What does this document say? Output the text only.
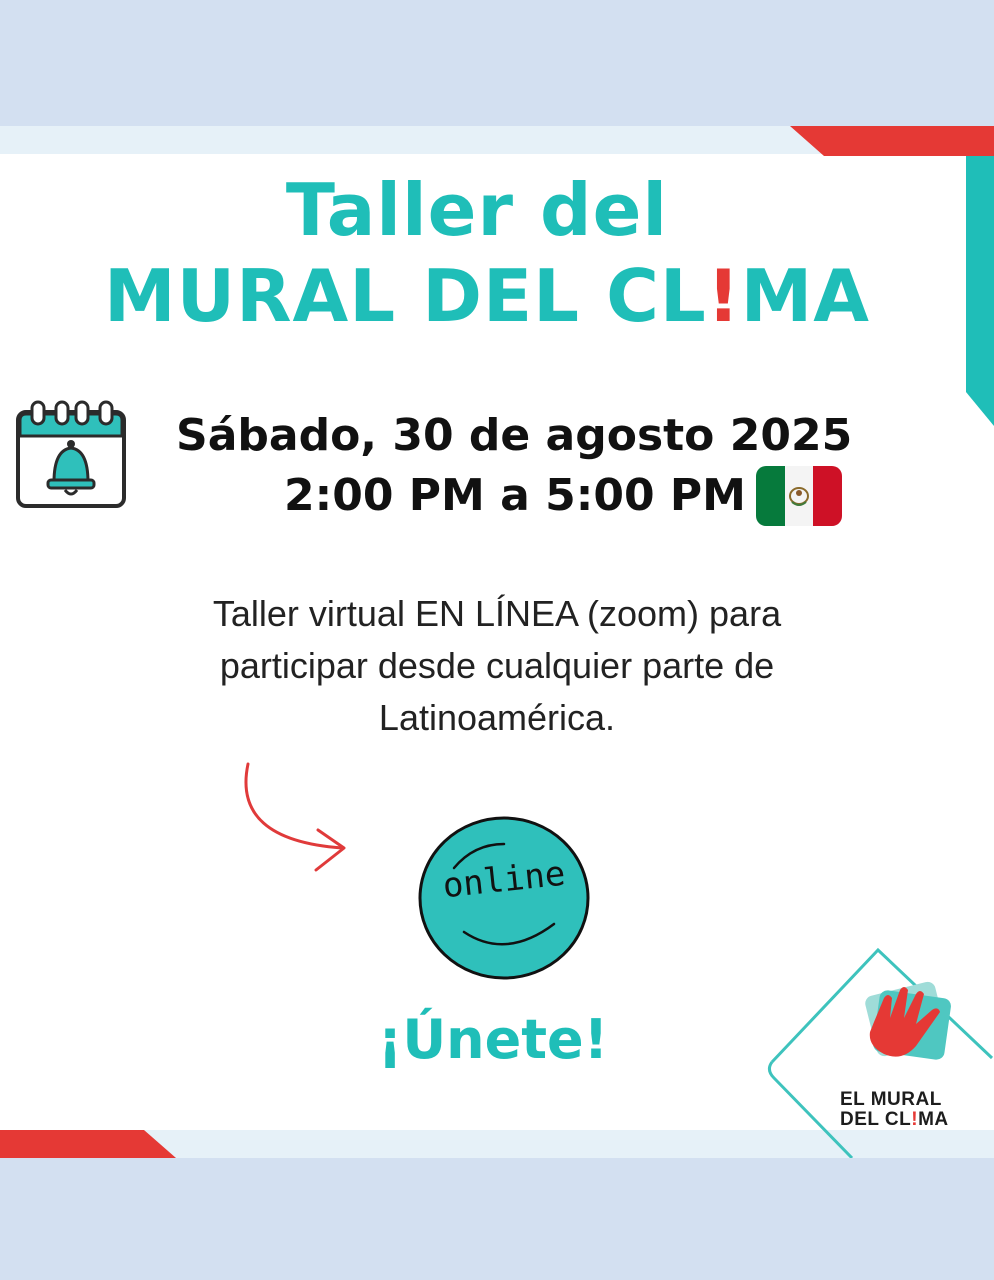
Taller del
MURAL DEL CL!MA
Sábado, 30 de agosto 2025
2:00 PM a 5:00 PM

Taller virtual EN LÍNEA (zoom) para
participar desde cualquier parte de
Latinoamérica.

online
¡Únete!
EL MURAL
DEL CL!MA
